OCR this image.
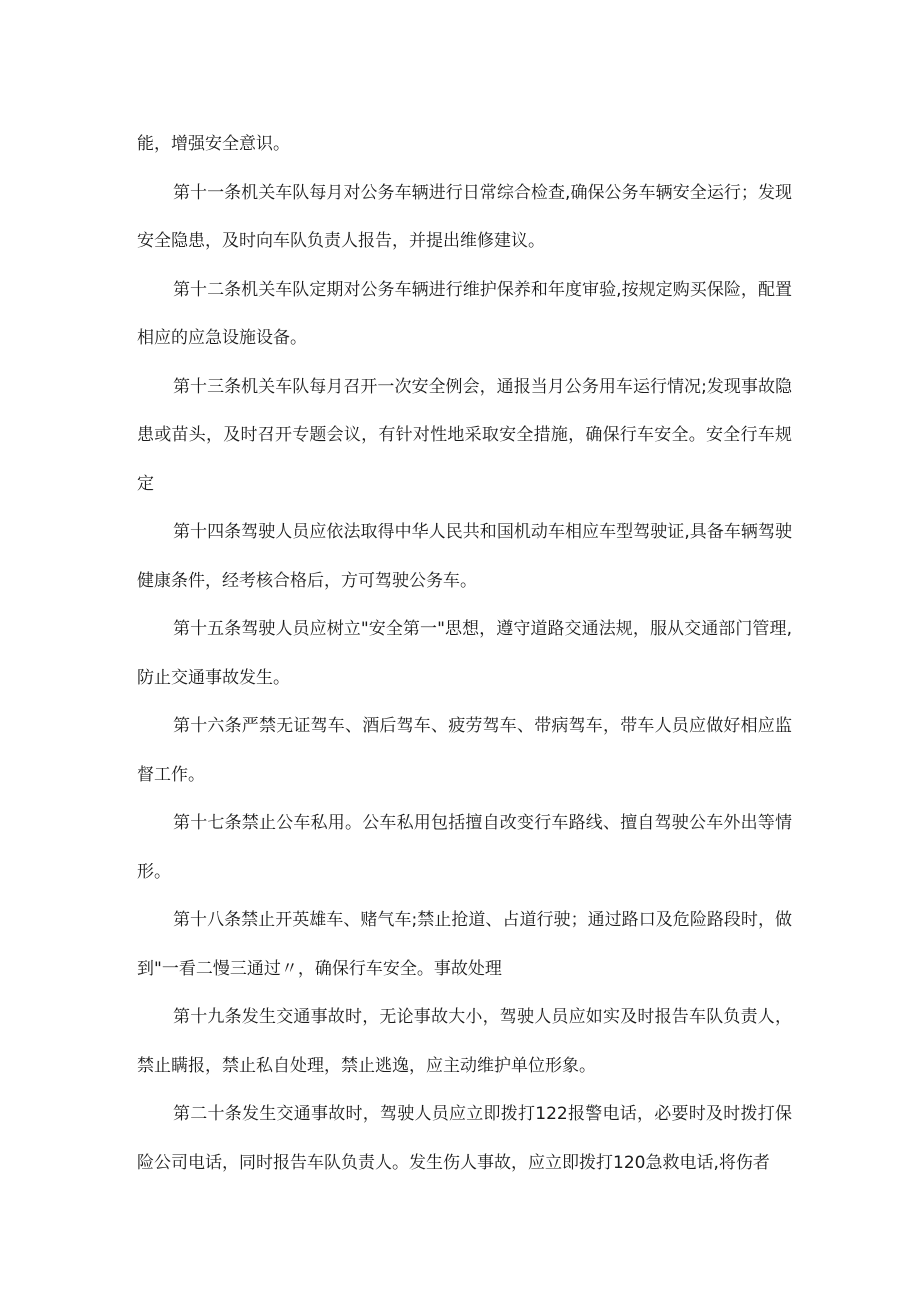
能，增强安全意识。

第十一条机关车队每月对公务车辆进行日常综合检查,确保公务车辆安全运行；发现安全隐患，及时向车队负责人报告，并提出维修建议。

第十二条机关车队定期对公务车辆进行维护保养和年度审验,按规定购买保险，配置相应的应急设施设备。

第十三条机关车队每月召开一次安全例会，通报当月公务用车运行情况;发现事故隐患或苗头，及时召开专题会议，有针对性地采取安全措施，确保行车安全。安全行车规定

第十四条驾驶人员应依法取得中华人民共和国机动车相应车型驾驶证,具备车辆驾驶健康条件，经考核合格后，方可驾驶公务车。

第十五条驾驶人员应树立"安全第一"思想，遵守道路交通法规，服从交通部门管理,防止交通事故发生。

第十六条严禁无证驾车、酒后驾车、疲劳驾车、带病驾车，带车人员应做好相应监督工作。

第十七条禁止公车私用。公车私用包括擅自改变行车路线、擅自驾驶公车外出等情形。

第十八条禁止开英雄车、赌气车;禁止抢道、占道行驶；通过路口及危险路段时，做到"一看二慢三通过〃，确保行车安全。事故处理

第十九条发生交通事故时，无论事故大小，驾驶人员应如实及时报告车队负责人，禁止瞒报，禁止私自处理，禁止逃逸，应主动维护单位形象。

第二十条发生交通事故时，驾驶人员应立即拨打122报警电话，必要时及时拨打保险公司电话，同时报告车队负责人。发生伤人事故，应立即拨打120急救电话,将伤者
